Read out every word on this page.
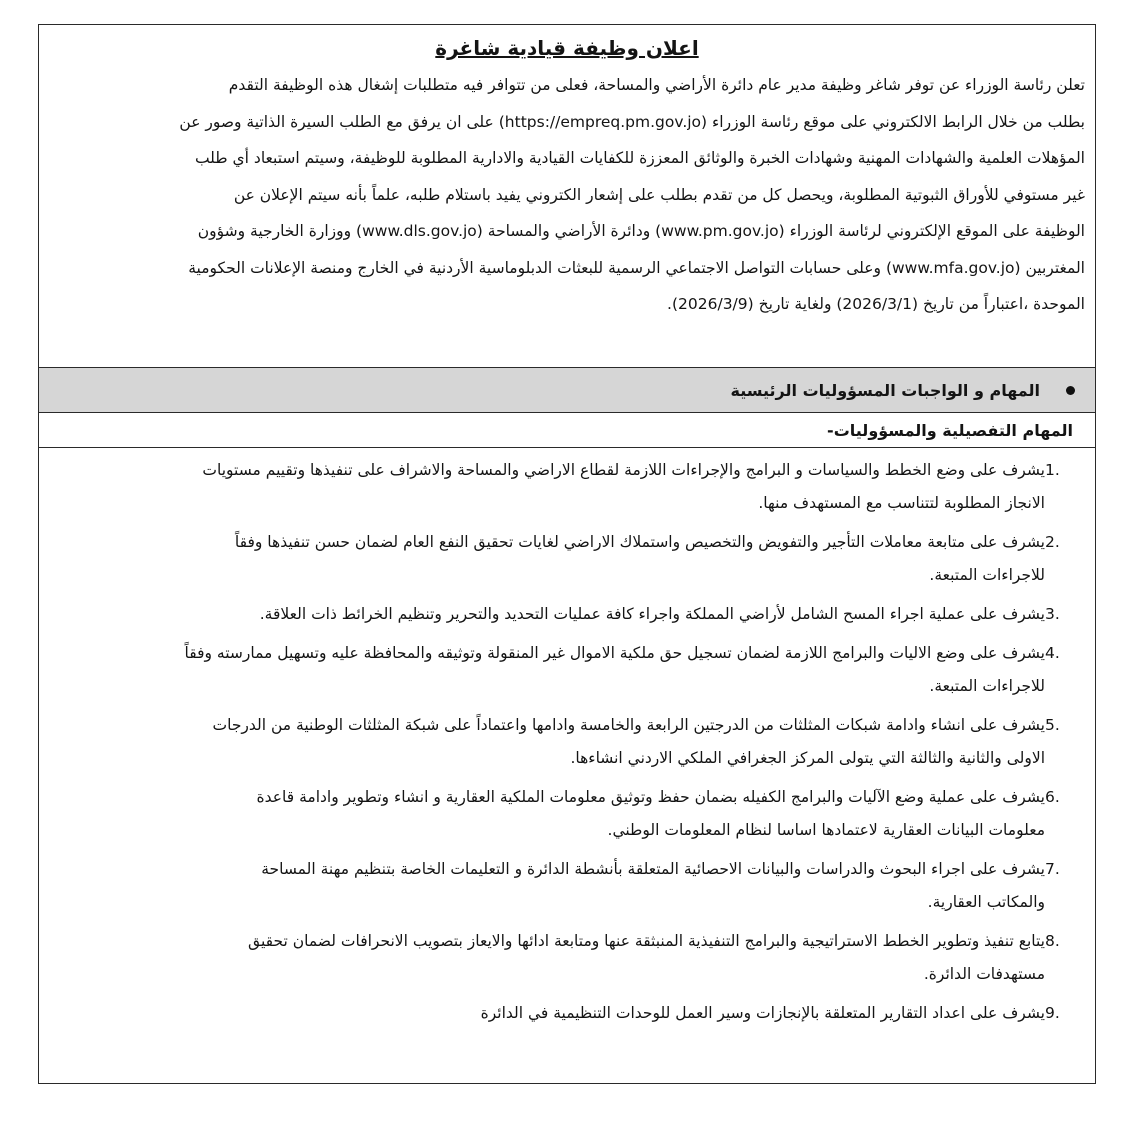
اعلان وظيفة قيادية شاغرة
تعلن رئاسة الوزراء عن توفر شاغر وظيفة مدير عام دائرة الأراضي والمساحة، فعلى من تتوافر فيه متطلبات إشغال هذه الوظيفة التقدم
بطلب من خلال الرابط الالكتروني على موقع رئاسة الوزراء (https://empreq.pm.gov.jo) على ان يرفق مع الطلب السيرة الذاتية وصور عن
المؤهلات العلمية والشهادات المهنية وشهادات الخبرة والوثائق المعززة للكفايات القيادية والادارية المطلوبة للوظيفة، وسيتم استبعاد أي طلب
غير مستوفي للأوراق الثبوتية المطلوبة، ويحصل كل من تقدم بطلب على إشعار الكتروني يفيد باستلام طلبه، علماً بأنه سيتم الإعلان عن
الوظيفة على الموقع الإلكتروني لرئاسة الوزراء (www.pm.gov.jo) ودائرة الأراضي والمساحة (www.dls.gov.jo) ووزارة الخارجية وشؤون
المغتربين (www.mfa.gov.jo) وعلى حسابات التواصل الاجتماعي الرسمية للبعثات الدبلوماسية الأردنية في الخارج ومنصة الإعلانات الحكومية
الموحدة ،اعتباراً من تاريخ (2026/3/1) ولغاية تاريخ (2026/3/9).
المهام و الواجبات المسؤوليات الرئيسية
المهام التفصيلية والمسؤوليات
-
1.
يشرف على وضع الخطط والسياسات و البرامج والإجراءات اللازمة لقطاع الاراضي والمساحة والاشراف على تنفيذها وتقييم مستويات
الانجاز المطلوبة لتتناسب مع المستهدف منها.
2.
يشرف على متابعة معاملات التأجير والتفويض والتخصيص واستملاك الاراضي لغايات تحقيق النفع العام لضمان حسن تنفيذها وفقاً
للاجراءات المتبعة.
3.
يشرف على عملية اجراء المسح الشامل لأراضي المملكة واجراء كافة عمليات التحديد والتحرير وتنظيم الخرائط ذات العلاقة.
4.
يشرف على وضع الاليات والبرامج اللازمة لضمان تسجيل حق ملكية الاموال غير المنقولة وتوثيقه والمحافظة عليه وتسهيل ممارسته وفقاً
للاجراءات المتبعة.
5.
يشرف على انشاء وادامة شبكات المثلثات من الدرجتين الرابعة والخامسة وادامها واعتماداً على شبكة المثلثات الوطنية من الدرجات
الاولى والثانية والثالثة التي يتولى المركز الجغرافي الملكي الاردني انشاءها.
6.
يشرف على عملية وضع الآليات والبرامج الكفيله بضمان حفظ وتوثيق معلومات الملكية العقارية و انشاء وتطوير وادامة قاعدة
معلومات البيانات العقارية لاعتمادها اساسا لنظام المعلومات الوطني.
7.
يشرف على اجراء البحوث والدراسات والبيانات الاحصائية المتعلقة بأنشطة الدائرة و التعليمات الخاصة بتنظيم مهنة المساحة
والمكاتب العقارية.
8.
يتابع تنفيذ وتطوير الخطط الاستراتيجية والبرامج التنفيذية المنبثقة عنها ومتابعة ادائها والايعاز بتصويب الانحرافات لضمان تحقيق
مستهدفات الدائرة.
9.
يشرف على اعداد التقارير المتعلقة بالإنجازات وسير العمل للوحدات التنظيمية في الدائرة
